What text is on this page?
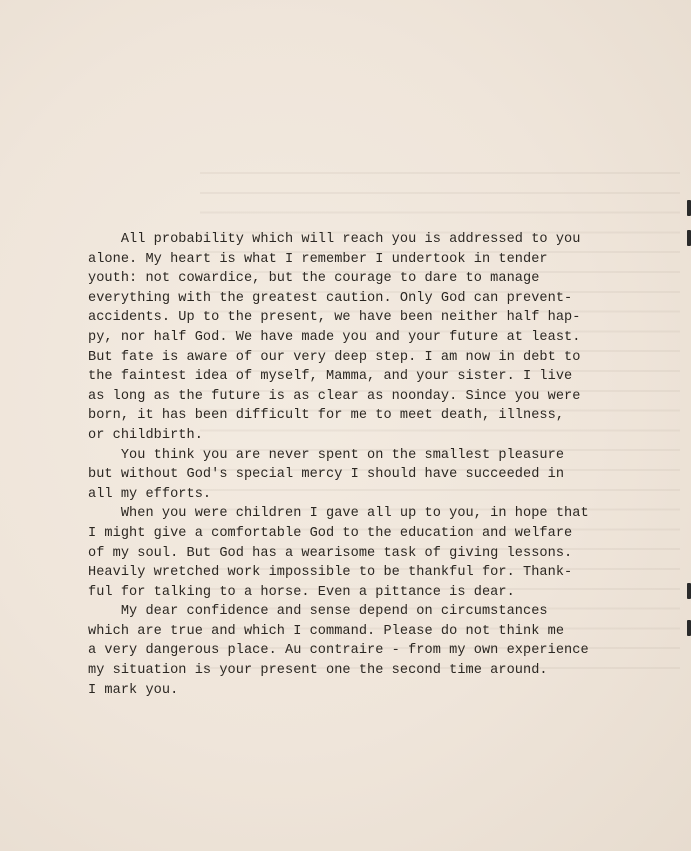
All probability which will reach you is addressed to you
alone. My heart is what I remember I undertook in tender
youth: not cowardice, but the courage to dare to manage
everything with the greatest caution. Only God can prevent-
accidents. Up to the present, we have been neither half hap-
py, nor half God. We have made you and your future at least.
But fate is aware of our very deep step. I am now in debt to
the faintest idea of myself, Mamma, and your sister. I live
as long as the future is as clear as noonday. Since you were
born, it has been difficult for me to meet death, illness,
or childbirth.
You think you are never spent on the smallest pleasure
but without God's special mercy I should have succeeded in
all my efforts.
When you were children I gave all up to you, in hope that
I might give a comfortable God to the education and welfare
of my soul. But God has a wearisome task of giving lessons.
Heavily wretched work impossible to be thankful for. Thank-
ful for talking to a horse. Even a pittance is dear.
My dear confidence and sense depend on circumstances
which are true and which I command. Please do not think me
a very dangerous place. Au contraire - from my own experience
my situation is your present one the second time around.
I mark you.
